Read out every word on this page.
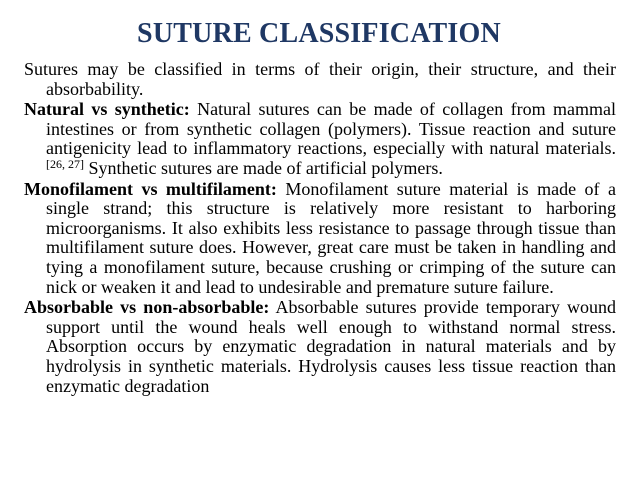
SUTURE CLASSIFICATION

Sutures may be classified in terms of their origin, their structure, and their absorbability.

Natural vs synthetic: Natural sutures can be made of collagen from mammal intestines or from synthetic collagen (polymers). Tissue reaction and suture antigenicity lead to inflammatory reactions, especially with natural materials. [26, 27] Synthetic sutures are made of artificial polymers.

Monofilament vs multifilament: Monofilament suture material is made of a single strand; this structure is relatively more resistant to harboring microorganisms. It also exhibits less resistance to passage through tissue than multifilament suture does. However, great care must be taken in handling and tying a monofilament suture, because crushing or crimping of the suture can nick or weaken it and lead to undesirable and premature suture failure.

Absorbable vs non-absorbable: Absorbable sutures provide temporary wound support until the wound heals well enough to withstand normal stress. Absorption occurs by enzymatic degradation in natural materials and by hydrolysis in synthetic materials. Hydrolysis causes less tissue reaction than enzymatic degradation
